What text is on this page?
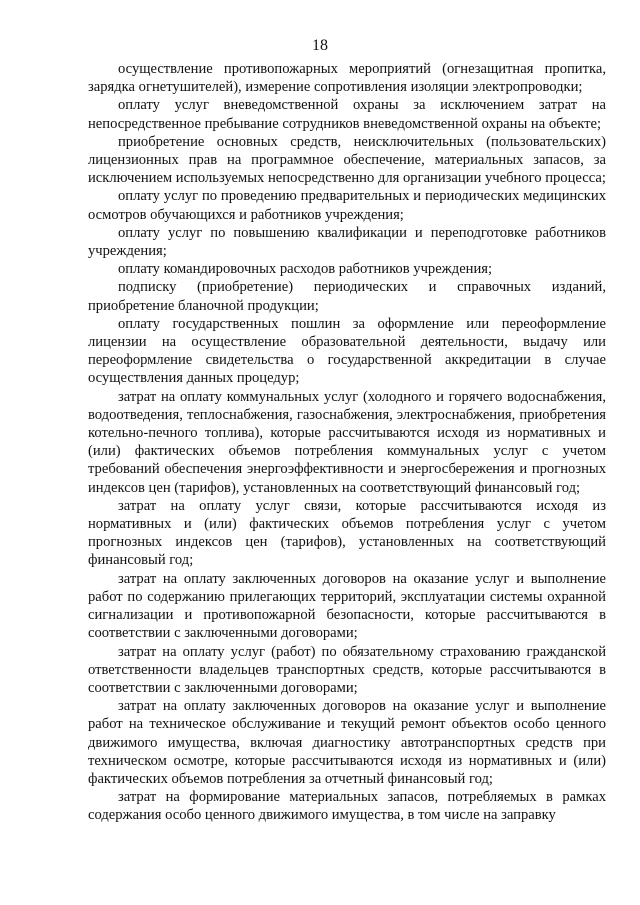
18

осуществление противопожарных мероприятий (огнезащитная пропитка, зарядка огнетушителей), измерение сопротивления изоляции электропроводки;

оплату услуг вневедомственной охраны за исключением затрат на непосредственное пребывание сотрудников вневедомственной охраны на объекте;

приобретение основных средств, неисключительных (пользовательских) лицензионных прав на программное обеспечение, материальных запасов, за исключением используемых непосредственно для организации учебного процесса;

оплату услуг по проведению предварительных и периодических медицинских осмотров обучающихся и работников учреждения;

оплату услуг по повышению квалификации и переподготовке работников учреждения;

оплату командировочных расходов работников учреждения;

подписку (приобретение) периодических и справочных изданий, приобретение бланочной продукции;

оплату государственных пошлин за оформление или переоформление лицензии на осуществление образовательной деятельности, выдачу или переоформление свидетельства о государственной аккредитации в случае осуществления данных процедур;

затрат на оплату коммунальных услуг (холодного и горячего водоснабжения, водоотведения, теплоснабжения, газоснабжения, электроснабжения, приобретения котельно-печного топлива), которые рассчитываются исходя из нормативных и (или) фактических объемов потребления коммунальных услуг с учетом требований обеспечения энергоэффективности и энергосбережения и прогнозных индексов цен (тарифов), установленных на соответствующий финансовый год;

затрат на оплату услуг связи, которые рассчитываются исходя из нормативных и (или) фактических объемов потребления услуг с учетом прогнозных индексов цен (тарифов), установленных на соответствующий финансовый год;

затрат на оплату заключенных договоров на оказание услуг и выполнение работ по содержанию прилегающих территорий, эксплуатации системы охранной сигнализации и противопожарной безопасности, которые рассчитываются в соответствии с заключенными договорами;

затрат на оплату услуг (работ) по обязательному страхованию гражданской ответственности владельцев транспортных средств, которые рассчитываются в соответствии с заключенными договорами;

затрат на оплату заключенных договоров на оказание услуг и выполнение работ на техническое обслуживание и текущий ремонт объектов особо ценного движимого имущества, включая диагностику автотранспортных средств при техническом осмотре, которые рассчитываются исходя из нормативных и (или) фактических объемов потребления за отчетный финансовый год;

затрат на формирование материальных запасов, потребляемых в рамках содержания особо ценного движимого имущества, в том числе на заправку
